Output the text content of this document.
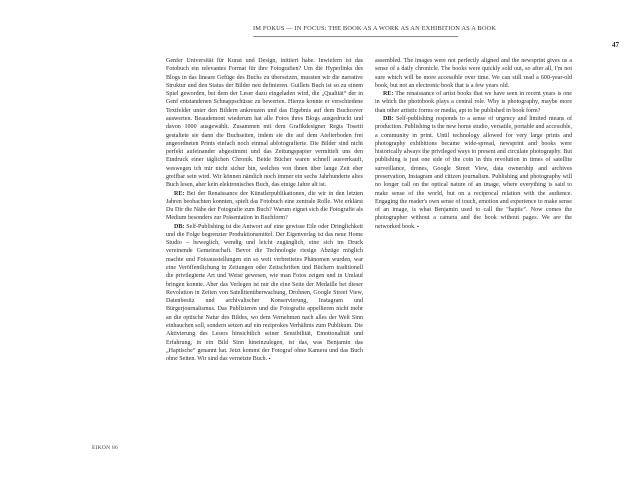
IM FOKUS — IN FOCUS: THE BOOK AS A WORK AS AN EXHIBITION AS A BOOK
47

Genfer Universität für Kunst und Design, initiiert habe. Inwiefern ist das Fotobuch ein relevantes Format für ihre Fotografien? Um die Hyperlinks des Blogs in das lineare Gefüge des Buchs zu übersetzen, mussten wir die narrative Struktur und den Status der Bilder neu definieren. Guillets Buch ist so zu einem Spiel geworden, bei dem der Leser dazu eingeladen wird, die „Qualität“ der in Genf entstandenen Schnappschüsse zu bewerten. Hierzu konnte er verschiedene Textfelder unter den Bildern ankreuzen und das Ergebnis auf dem Buchcover auswerten. Beaudemont wiederum hat alle Fotos ihres Blogs ausgedruckt und davon 1000 ausgewählt. Zusammen mit dem Grafikdesigner Regis Tosetti gestaltete sie dann die Buchseiten, indem sie die auf dem Atelierboden frei angeordneten Prints einfach noch einmal abfotografierte. Die Bilder sind nicht perfekt aufeinander abgestimmt und das Zeitungspapier vermittelt uns den Eindruck einer täglichen Chronik. Beide Bücher waren schnell ausverkauft, weswegen ich mir nicht sicher bin, welches von ihnen über lange Zeit eher greifbar sein wird. Wir können nämlich noch immer ein sechs Jahrhunderte altes Buch lesen, aber kein elektronisches Buch, das einige Jahre alt ist.

RE: Bei der Renaissance der Künstlerpublikationen, die wir in den letzten Jahren beobachten konnten, spielt das Fotobuch eine zentrale Rolle. Wie erklärst Du Dir die Nähe der Fotografie zum Buch? Warum eignet sich die Fotografie als Medium besonders zur Präsentation in Buchform?

DB: Self-Publishing ist die Antwort auf eine gewisse Eile oder Dringlichkeit und die Folge begrenzter Produktionsmittel. Der Eigenverlag ist das neue Home Studio – beweglich, wendig und leicht zugänglich, eine sich im Druck vereinende Gemeinschaft. Bevor die Technologie riesige Abzüge möglich machte und Fotoausstellungen ein so weit verbreitetes Phänomen wurden, war eine Veröffentlichung in Zeitungen oder Zeitschriften und Büchern traditionell die privilegierte Art und Weise gewesen, wie man Fotos zeigen und in Umlauf bringen konnte. Aber das Verlegen ist nur die eine Seite der Medaille bei dieser Revolution in Zeiten von Satellitenüberwachung, Drohnen, Google Street View, Datenbesitz und archivalischer Konservierung, Instagram und Bürgerjournalismus. Das Publizieren und die Fotografie appellieren nicht mehr an die optische Natur des Bildes, wo dem Vernehmen nach alles der Welt Sinn einhauchen soll, sondern setzen auf ein reziprokes Verhältnis zum Publikum. Die Aktivierung des Lesers hinsichtlich seiner Sensibilität, Emotionalität und Erfahrung, in ein Bild Sinn hineinzulegen, ist das, was Benjamin das „Haptische“ genannt hat. Jetzt kommt der Fotograf ohne Kamera und das Buch ohne Seiten. Wir sind das vernetzte Buch. ▪

assembled. The images were not perfectly aligned and the newsprint gives us a sense of a daily chronicle. The books were quickly sold out, so after all, I'm not sure which will be more accessible over time. We can still read a 600-year-old book, but not an electronic book that is a few years old.

RE: The renaissance of artist books that we have seen in recent years is one in which the photobook plays a central role. Why is photography, maybe more than other artistic forms or media, apt to be published in book form?

DB: Self-publishing responds to a sense of urgency and limited means of production. Publishing is the new home studio, versatile, portable and accessible, a community in print. Until technology allowed for very large prints and photography exhibitions became wide-spread, newsprint and books were historically always the privileged ways to present and circulate photography. But publishing is just one side of the coin in this revolution in times of satellite surveillance, drones, Google Street View, data ownership and archives preservation, Instagram and citizen journalism. Publishing and photography will no longer call on the optical nature of an image, where everything is said to make sense of the world, but on a reciprocal relation with the audience. Engaging the reader's own sense of touch, emotion and experience to make sense of an image, is what Benjamin used to call the "haptic". Now comes the photographer without a camera and the book without pages. We are the networked book. ▪

EIKON 86
